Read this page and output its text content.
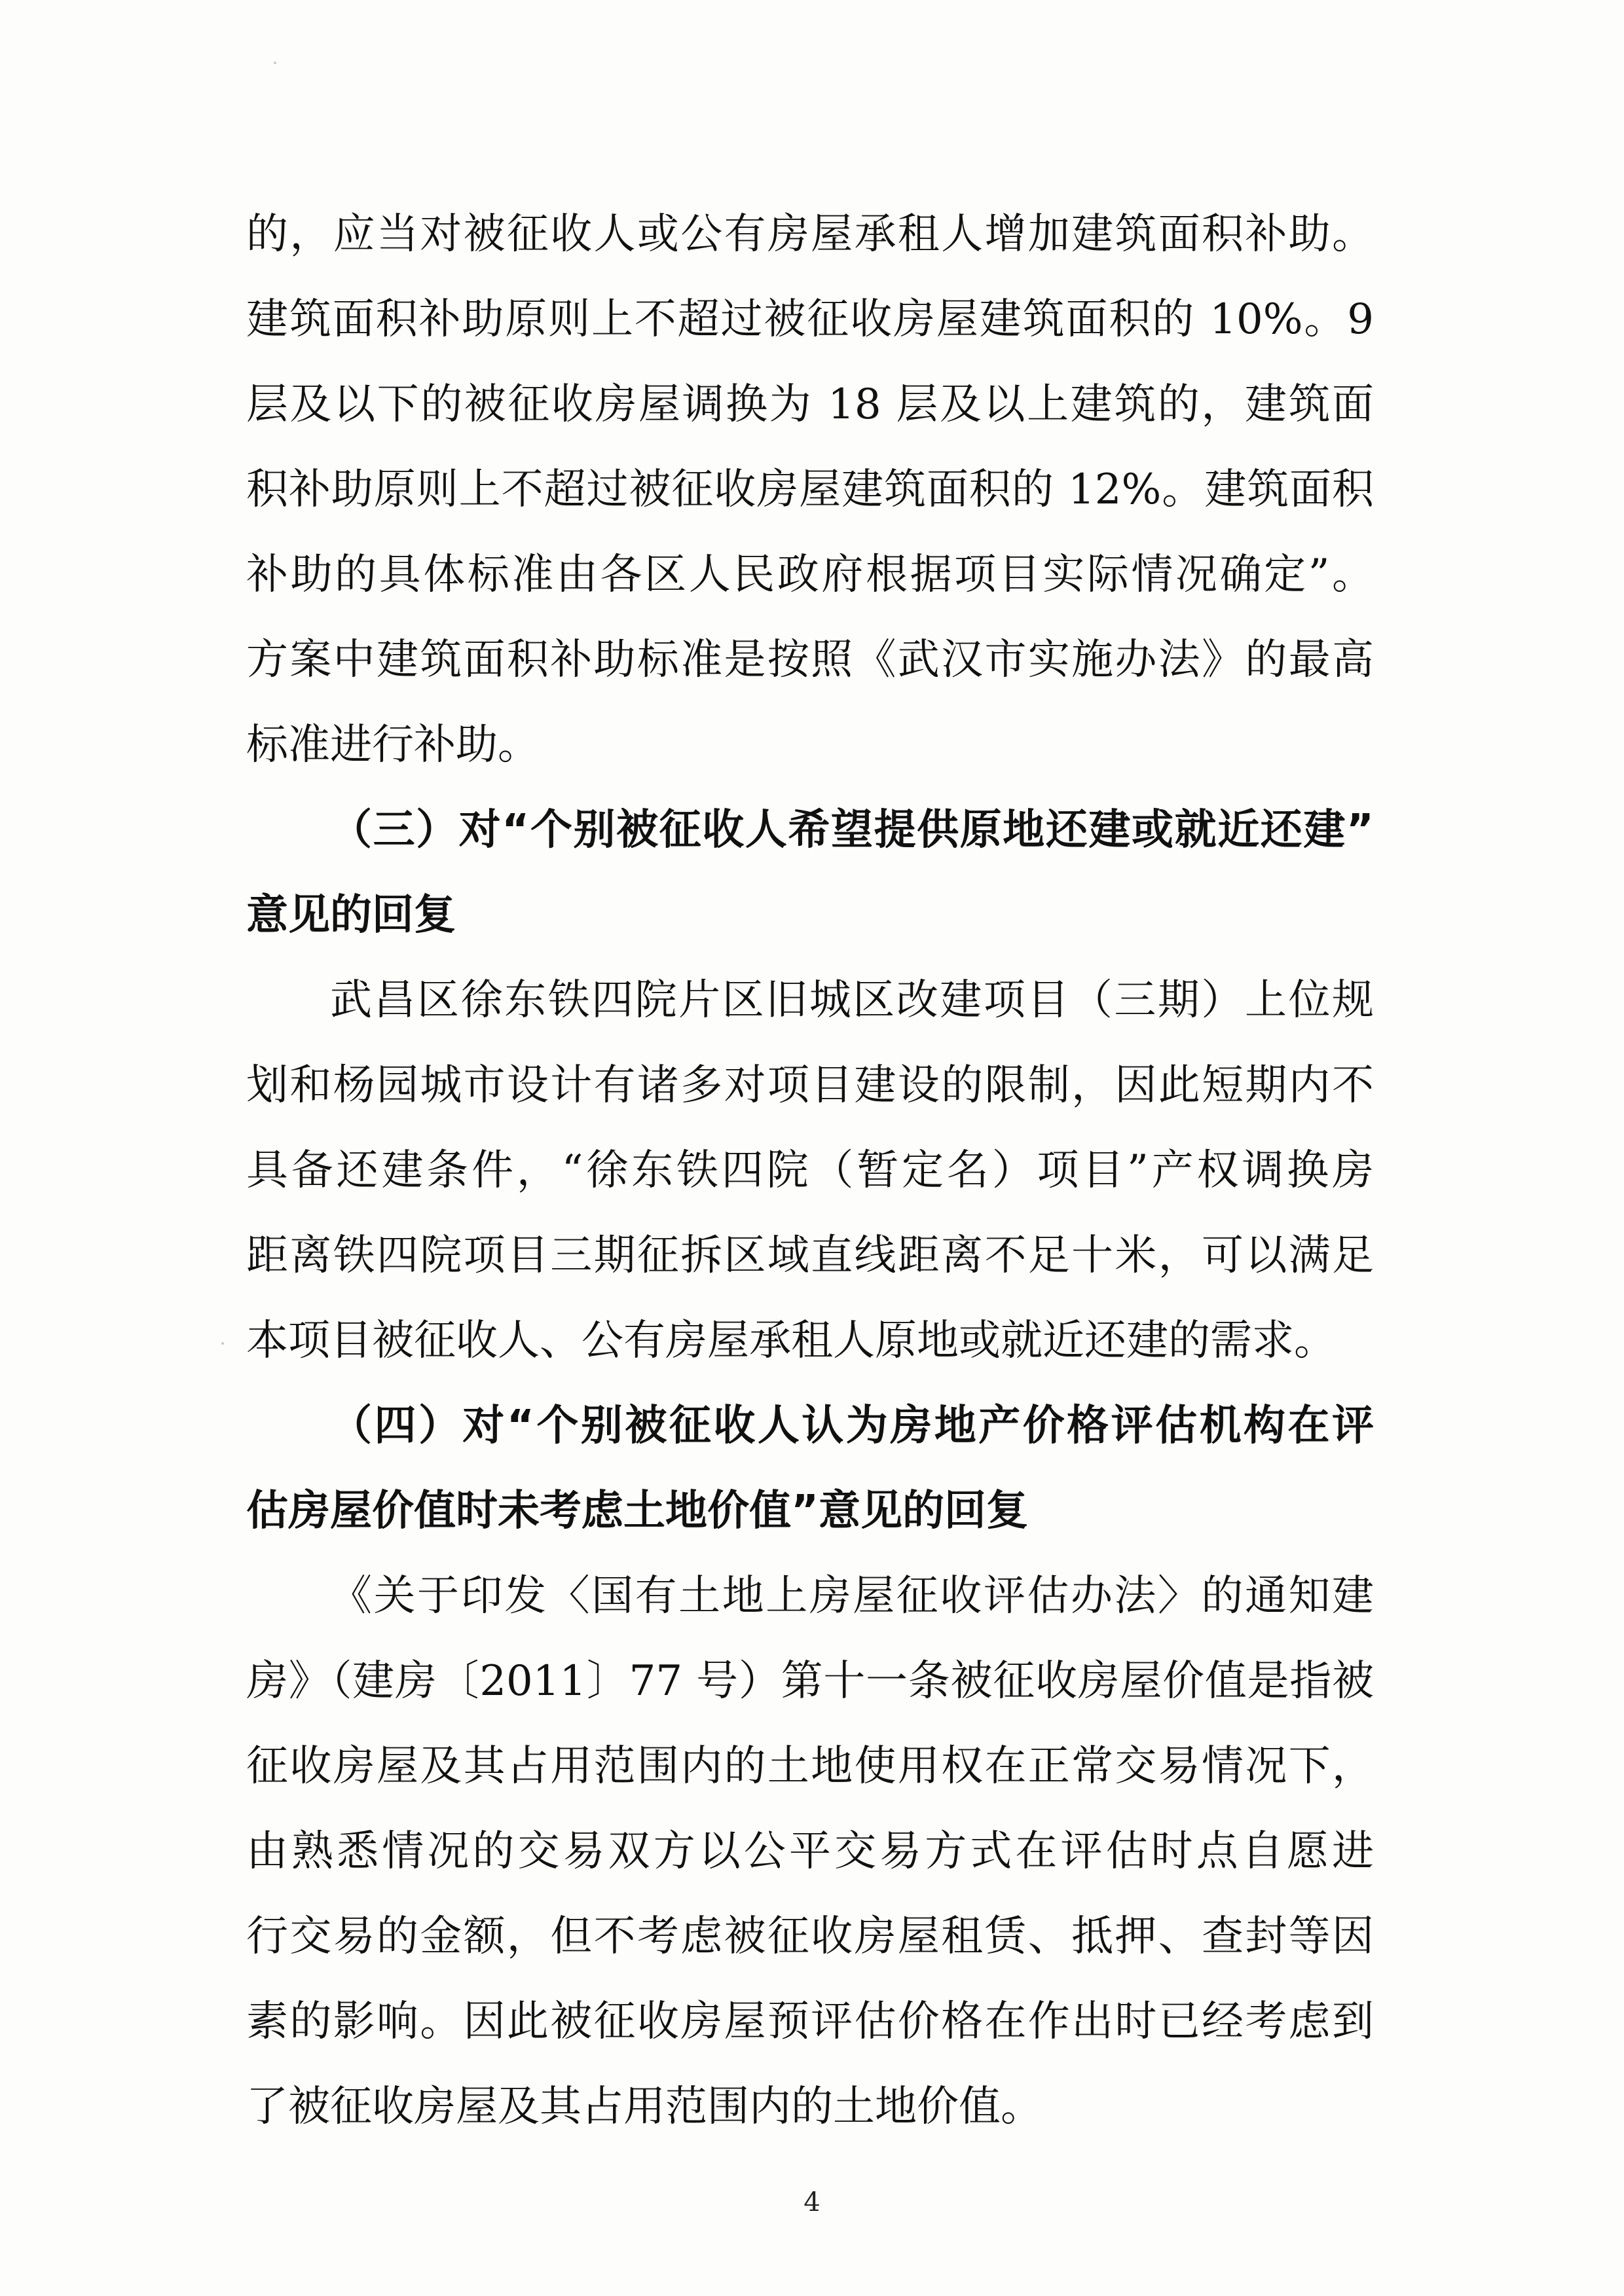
的，应当对被征收人或公有房屋承租人增加建筑面积补助。
建筑面积补助原则上不超过被征收房屋建筑面积的 10%。9
层及以下的被征收房屋调换为 18 层及以上建筑的，建筑面
积补助原则上不超过被征收房屋建筑面积的 12%。建筑面积
补助的具体标准由各区人民政府根据项目实际情况确定”。
方案中建筑面积补助标准是按照《武汉市实施办法》的最高
标准进行补助。
（三）对“个别被征收人希望提供原地还建或就近还建”
意见的回复
武昌区徐东铁四院片区旧城区改建项目（三期）上位规
划和杨园城市设计有诸多对项目建设的限制，因此短期内不
具备还建条件，“徐东铁四院（暂定名）项目”产权调换房
距离铁四院项目三期征拆区域直线距离不足十米，可以满足
本项目被征收人、公有房屋承租人原地或就近还建的需求。
（四）对“个别被征收人认为房地产价格评估机构在评
估房屋价值时未考虑土地价值”意见的回复
《关于印发〈国有土地上房屋征收评估办法〉的通知建
房》（建房〔2011〕77 号）第十一条被征收房屋价值是指被
征收房屋及其占用范围内的土地使用权在正常交易情况下，
由熟悉情况的交易双方以公平交易方式在评估时点自愿进
行交易的金额，但不考虑被征收房屋租赁、抵押、查封等因
素的影响。因此被征收房屋预评估价格在作出时已经考虑到
了被征收房屋及其占用范围内的土地价值。
4
